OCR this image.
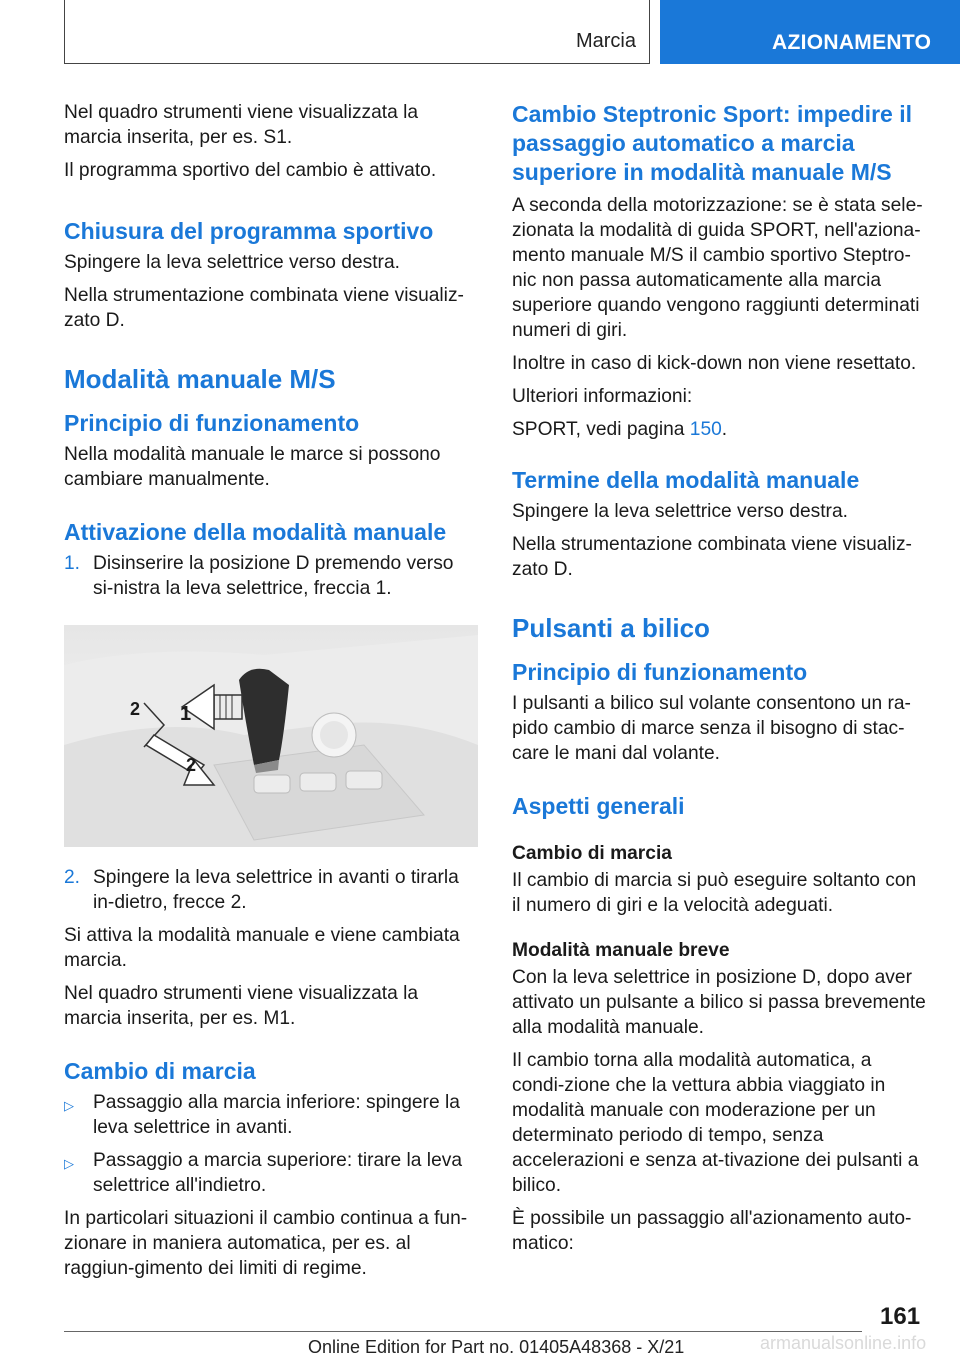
Marcia	AZIONAMENTO

Nel quadro strumenti viene visualizzata la marcia inserita, per es. S1.

Il programma sportivo del cambio è attivato.

Chiusura del programma sportivo

Spingere la leva selettrice verso destra.

Nella strumentazione combinata viene visualiz-zato D.

Modalità manuale M/S
Principio di funzionamento

Nella modalità manuale le marce si possono cambiare manualmente.

Attivazione della modalità manuale
1. Disinserire la posizione D premendo verso si-nistra la leva selettrice, freccia 1.
1
2
2
2. Spingere la leva selettrice in avanti o tirarla in-dietro, frecce 2.

Si attiva la modalità manuale e viene cambiata marcia.

Nel quadro strumenti viene visualizzata la marcia inserita, per es. M1.

Cambio di marcia
▷ Passaggio alla marcia inferiore: spingere la leva selettrice in avanti.
▷ Passaggio a marcia superiore: tirare la leva selettrice all'indietro.

In particolari situazioni il cambio continua a fun-zionare in maniera automatica, per es. al raggiun-gimento dei limiti di regime.

Cambio Steptronic Sport: impedire il passaggio automatico a marcia superiore in modalità manuale M/S

A seconda della motorizzazione: se è stata sele-zionata la modalità di guida SPORT, nell'aziona-mento manuale M/S il cambio sportivo Steptro-nic non passa automaticamente alla marcia superiore quando vengono raggiunti determinati numeri di giri.

Inoltre in caso di kick-down non viene resettato.

Ulteriori informazioni:

SPORT, vedi pagina 150.

Termine della modalità manuale

Spingere la leva selettrice verso destra.

Nella strumentazione combinata viene visualiz-zato D.

Pulsanti a bilico
Principio di funzionamento

I pulsanti a bilico sul volante consentono un ra-pido cambio di marce senza il bisogno di stac-care le mani dal volante.

Aspetti generali
Cambio di marcia

Il cambio di marcia si può eseguire soltanto con il numero di giri e la velocità adeguati.

Modalità manuale breve

Con la leva selettrice in posizione D, dopo aver attivato un pulsante a bilico si passa brevemente alla modalità manuale.

Il cambio torna alla modalità automatica, a condi-zione che la vettura abbia viaggiato in modalità manuale con moderazione per un determinato periodo di tempo, senza accelerazioni e senza at-tivazione dei pulsanti a bilico.

È possibile un passaggio all'azionamento auto-matico:

161
Online Edition for Part no. 01405A48368 - X/21	armanualsonline.info
